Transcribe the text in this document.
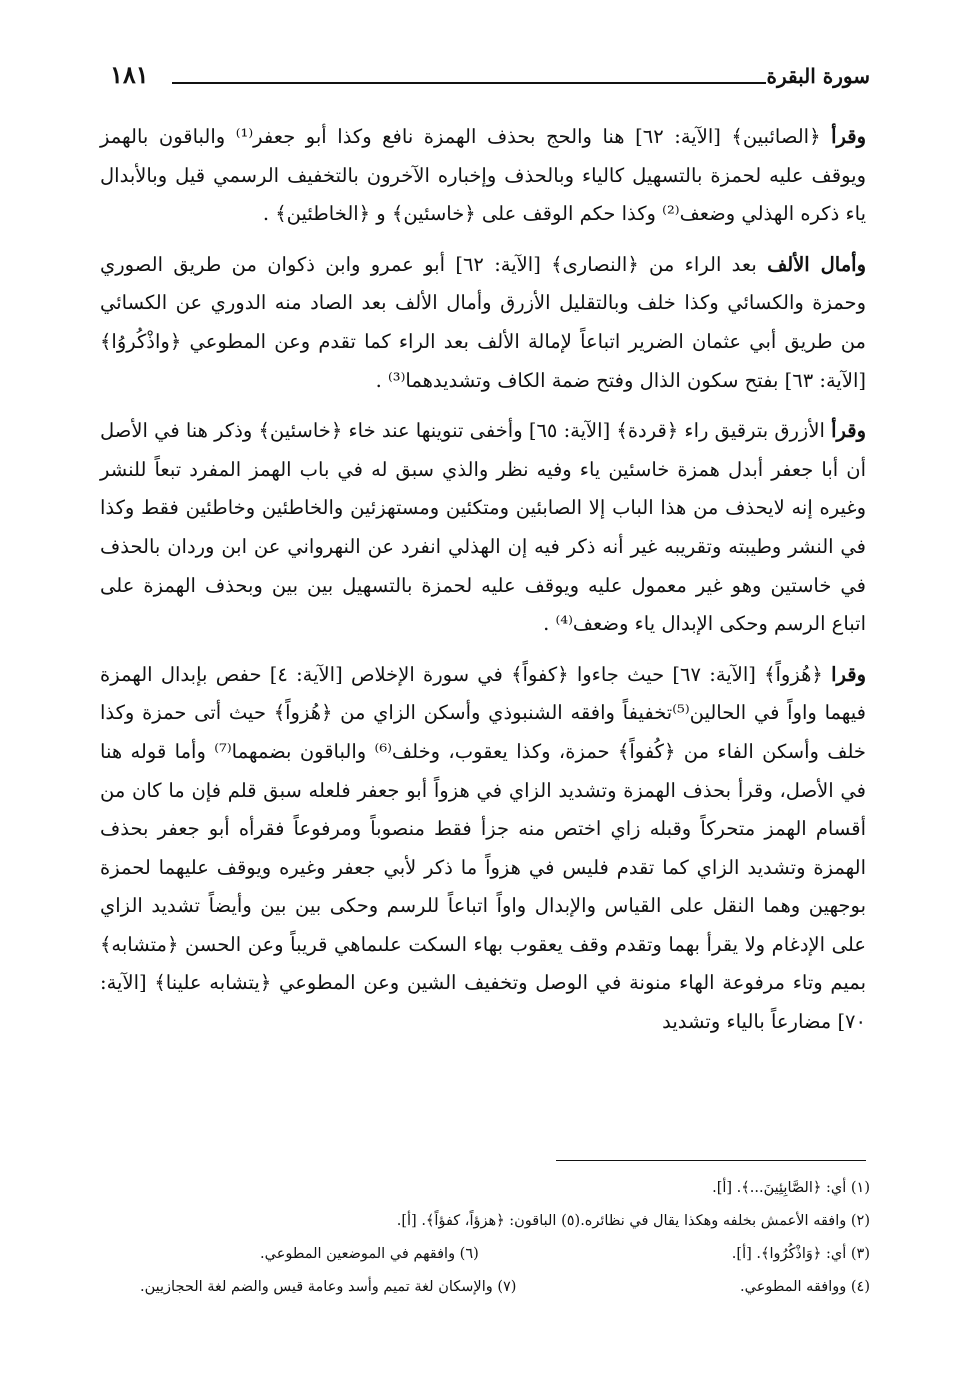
سورة البقرة
١٨١

وقرأ ﴿الصائبين﴾ [الآية: ٦٢] هنا والحج بحذف الهمزة نافع وكذا أبو جعفر⁽¹⁾ والباقون بالهمز ويوقف عليه لحمزة بالتسهيل كالياء وبالحذف وإخباره الآخرون بالتخفيف الرسمي قيل وبالأبدال ياء ذكره الهذلي وضعف⁽²⁾ وكذا حكم الوقف على ﴿خاسئين﴾ و ﴿الخاطئين﴾ .

وأمال الألف بعد الراء من ﴿النصارى﴾ [الآية: ٦٢] أبو عمرو وابن ذكوان من طريق الصوري وحمزة والكسائي وكذا خلف وبالتقليل الأزرق وأمال الألف بعد الصاد منه الدوري عن الكسائي من طريق أبي عثمان الضرير اتباعاً لإمالة الألف بعد الراء كما تقدم وعن المطوعي ﴿واذْكُروُا﴾ [الآية: ٦٣] بفتح سكون الذال وفتح ضمة الكاف وتشديدهما⁽³⁾ .

وقرأ الأزرق بترقيق راء ﴿قردة﴾ [الآية: ٦٥] وأخفى تنوينها عند خاء ﴿خاسئين﴾ وذكر هنا في الأصل أن أبا جعفر أبدل همزة خاسئين ياء وفيه نظر والذي سبق له في باب الهمز المفرد تبعاً للنشر وغيره إنه لايحذف من هذا الباب إلا الصابئين ومتكئين ومستهزئين والخاطئين وخاطئين فقط وكذا في النشر وطيبته وتقريبه غير أنه ذكر فيه إن الهذلي انفرد عن النهرواني عن ابن وردان بالحذف في خاستين وهو غير معمول عليه ويوقف عليه لحمزة بالتسهيل بين بين وبحذف الهمزة على اتباع الرسم وحكى الإبدال ياء وضعف⁽⁴⁾ .

وقرا ﴿هُزواً﴾ [الآية: ٦٧] حيث جاءوا ﴿كفواً﴾ في سورة الإخلاص [الآية: ٤] حفص بإبدال الهمزة فيهما واواً في الحالين⁽⁵⁾تخفيفاً وافقه الشنبوذي وأسكن الزاي من ﴿هُزواً﴾ حيث أتى حمزة وكذا خلف وأسكن الفاء من ﴿كُفواً﴾ حمزة، وكذا يعقوب، وخلف⁽⁶⁾ والباقون بضمهما⁽⁷⁾ وأما قوله هنا في الأصل، وقرأ بحذف الهمزة وتشديد الزاي في هزواً أبو جعفر فلعله سبق قلم فإن ما كان من أقسام الهمز متحركاً وقبله زاي اختص منه جزأ فقط منصوباً ومرفوعاً فقرأه أبو جعفر بحذف الهمزة وتشديد الزاي كما تقدم فليس في هزواً ما ذكر لأبي جعفر وغيره ويوقف عليهما لحمزة بوجهين وهما النقل على القياس والإبدال واواً اتباعاً للرسم وحكى بين بين وأيضاً تشديد الزاي على الإدغام ولا يقرأ بهما وتقدم وقف يعقوب بهاء السكت علىماهي قريباً وعن الحسن ﴿متشابه﴾ بميم وتاء مرفوعة الهاء منونة في الوصل وتخفيف الشين وعن المطوعي ﴿يتشابه علينا﴾ [الآية: ٧٠] مضارعاً بالياء وتشديد

(١) أي: ﴿الصَّابِئِينَ...﴾. [أ].
(٢) وافقه الأعمش بخلفه وهكذا يقال في نظائره.(٥) الباقون: ﴿هزؤاً، كفؤاً﴾. [أ].
(٣) أي: ﴿وَاذْكُرُوا﴾. [أ].
(٦) وافقهم في الموضعين المطوعي.
(٤) ووافقه المطوعي.
(٧) والإسكان لغة تميم وأسد وعامة قيس والضم لغة الحجازيين.
